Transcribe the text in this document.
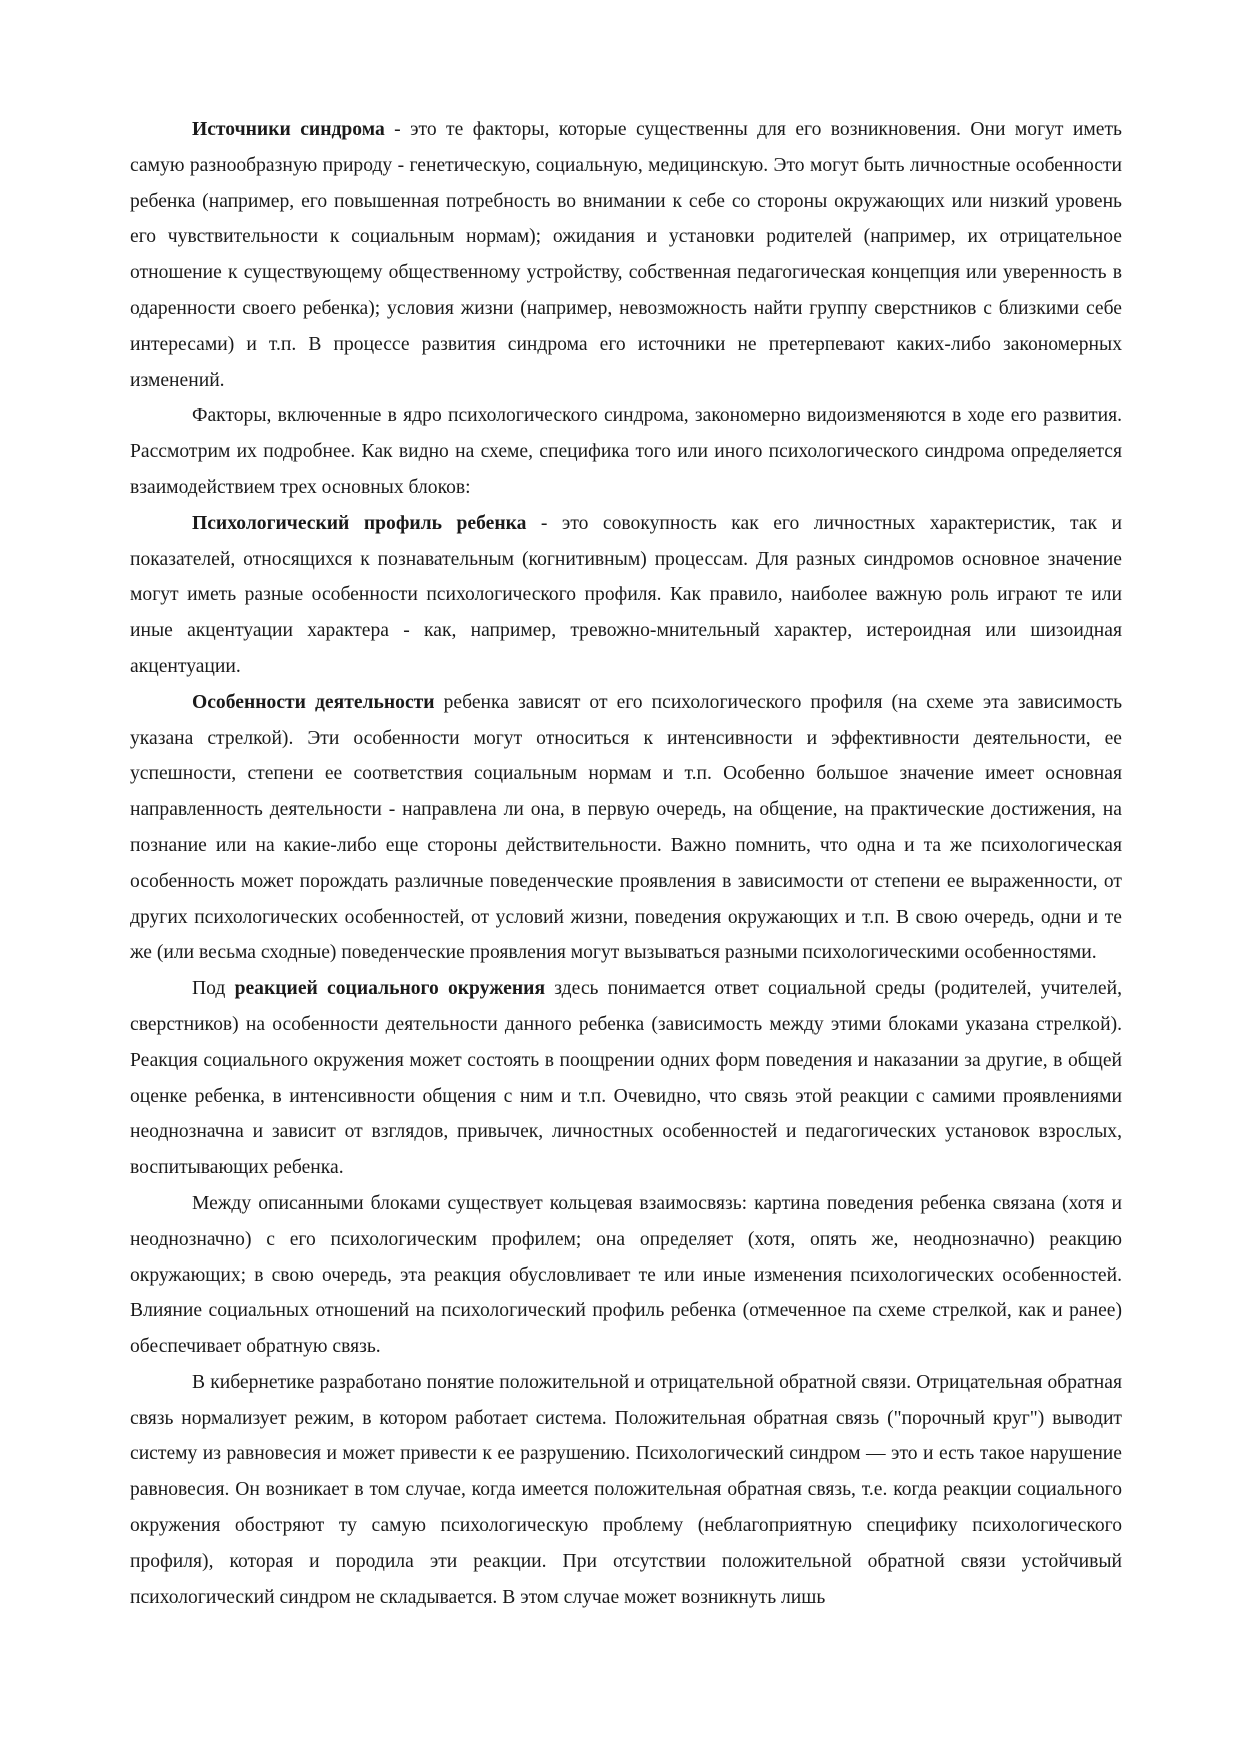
Источники синдрома - это те факторы, которые существенны для его возникновения. Они могут иметь самую разнообразную природу - генетическую, социальную, медицинскую. Это могут быть личностные особенности ребенка (например, его повышенная потребность во внимании к себе со стороны окружающих или низкий уровень его чувствительности к социальным нормам); ожидания и установки родителей (например, их отрицательное отношение к существующему общественному устройству, собственная педагогическая концепция или уверенность в одаренности своего ребенка); условия жизни (например, невозможность найти группу сверстников с близкими себе интересами) и т.п. В процессе развития синдрома его источники не претерпевают каких-либо закономерных изменений.

Факторы, включенные в ядро психологического синдрома, закономерно видоизменяются в ходе его развития. Рассмотрим их подробнее. Как видно на схеме, специфика того или иного психологического синдрома определяется взаимодействием трех основных блоков:

Психологический профиль ребенка - это совокупность как его личностных характеристик, так и показателей, относящихся к познавательным (когнитивным) процессам. Для разных синдромов основное значение могут иметь разные особенности психологического профиля. Как правило, наиболее важную роль играют те или иные акцентуации характера - как, например, тревожно-мнительный характер, истероидная или шизоидная акцентуации.

Особенности деятельности ребенка зависят от его психологического профиля (на схеме эта зависимость указана стрелкой). Эти особенности могут относиться к интенсивности и эффективности деятельности, ее успешности, степени ее соответствия социальным нормам и т.п. Особенно большое значение имеет основная направленность деятельности - направлена ли она, в первую очередь, на общение, на практические достижения, на познание или на какие-либо еще стороны действительности. Важно помнить, что одна и та же психологическая особенность может порождать различные поведенческие проявления в зависимости от степени ее выраженности, от других психологических особенностей, от условий жизни, поведения окружающих и т.п. В свою очередь, одни и те же (или весьма сходные) поведенческие проявления могут вызываться разными психологическими особенностями.

Под реакцией социального окружения здесь понимается ответ социальной среды (родителей, учителей, сверстников) на особенности деятельности данного ребенка (зависимость между этими блоками указана стрелкой). Реакция социального окружения может состоять в поощрении одних форм поведения и наказании за другие, в общей оценке ребенка, в интенсивности общения с ним и т.п. Очевидно, что связь этой реакции с самими проявлениями неоднозначна и зависит от взглядов, привычек, личностных особенностей и педагогических установок взрослых, воспитывающих ребенка.

Между описанными блоками существует кольцевая взаимосвязь: картина поведения ребенка связана (хотя и неоднозначно) с его психологическим профилем; она определяет (хотя, опять же, неоднозначно) реакцию окружающих; в свою очередь, эта реакция обусловливает те или иные изменения психологических особенностей. Влияние социальных отношений на психологический профиль ребенка (отмеченное па схеме стрелкой, как и ранее) обеспечивает обратную связь.

В кибернетике разработано понятие положительной и отрицательной обратной связи. Отрицательная обратная связь нормализует режим, в котором работает система. Положительная обратная связь ("порочный круг") выводит систему из равновесия и может привести к ее разрушению. Психологический синдром — это и есть такое нарушение равновесия. Он возникает в том случае, когда имеется положительная обратная связь, т.е. когда реакции социального окружения обостряют ту самую психологическую проблему (неблагоприятную специфику психологического профиля), которая и породила эти реакции. При отсутствии положительной обратной связи устойчивый психологический синдром не складывается. В этом случае может возникнуть лишь
